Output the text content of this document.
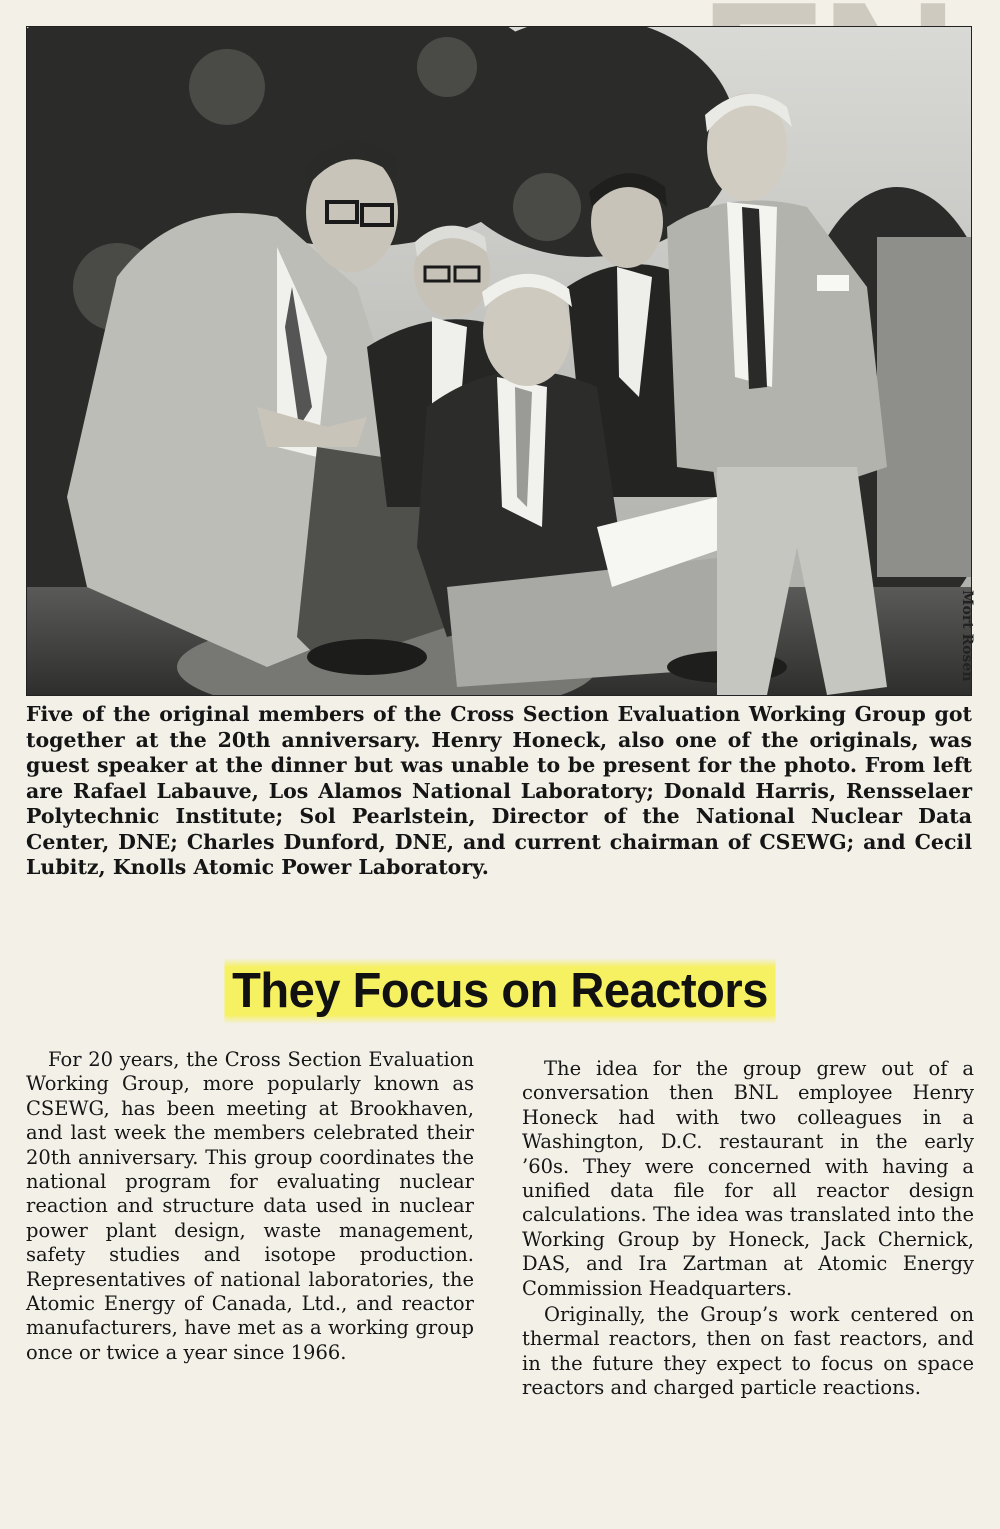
Mort Rosen

Five of the original members of the Cross Section Evaluation Working Group got together at the 20th anniversary. Henry Honeck, also one of the originals, was guest speaker at the dinner but was unable to be present for the photo. From left are Rafael Labauve, Los Alamos National Laboratory; Donald Harris, Rensselaer Polytechnic Institute; Sol Pearlstein, Director of the National Nuclear Data Center, DNE; Charles Dunford, DNE, and current chairman of CSEWG; and Cecil Lubitz, Knolls Atomic Power Laboratory.

They Focus on Reactors

For 20 years, the Cross Section Evaluation Working Group, more popularly known as CSEWG, has been meeting at Brookhaven, and last week the members celebrated their 20th anniversary. This group coordinates the national program for evaluating nuclear reaction and structure data used in nuclear power plant design, waste management, safety studies and isotope production. Representatives of national laboratories, the Atomic Energy of Canada, Ltd., and reactor manufacturers, have met as a working group once or twice a year since 1966.

The idea for the group grew out of a conversation then BNL employee Henry Honeck had with two colleagues in a Washington, D.C. restaurant in the early ’60s. They were concerned with having a unified data file for all reactor design calculations. The idea was translated into the Working Group by Honeck, Jack Chernick, DAS, and Ira Zartman at Atomic Energy Commission Headquarters.

Originally, the Group’s work centered on thermal reactors, then on fast reactors, and in the future they expect to focus on space reactors and charged particle reactions.
